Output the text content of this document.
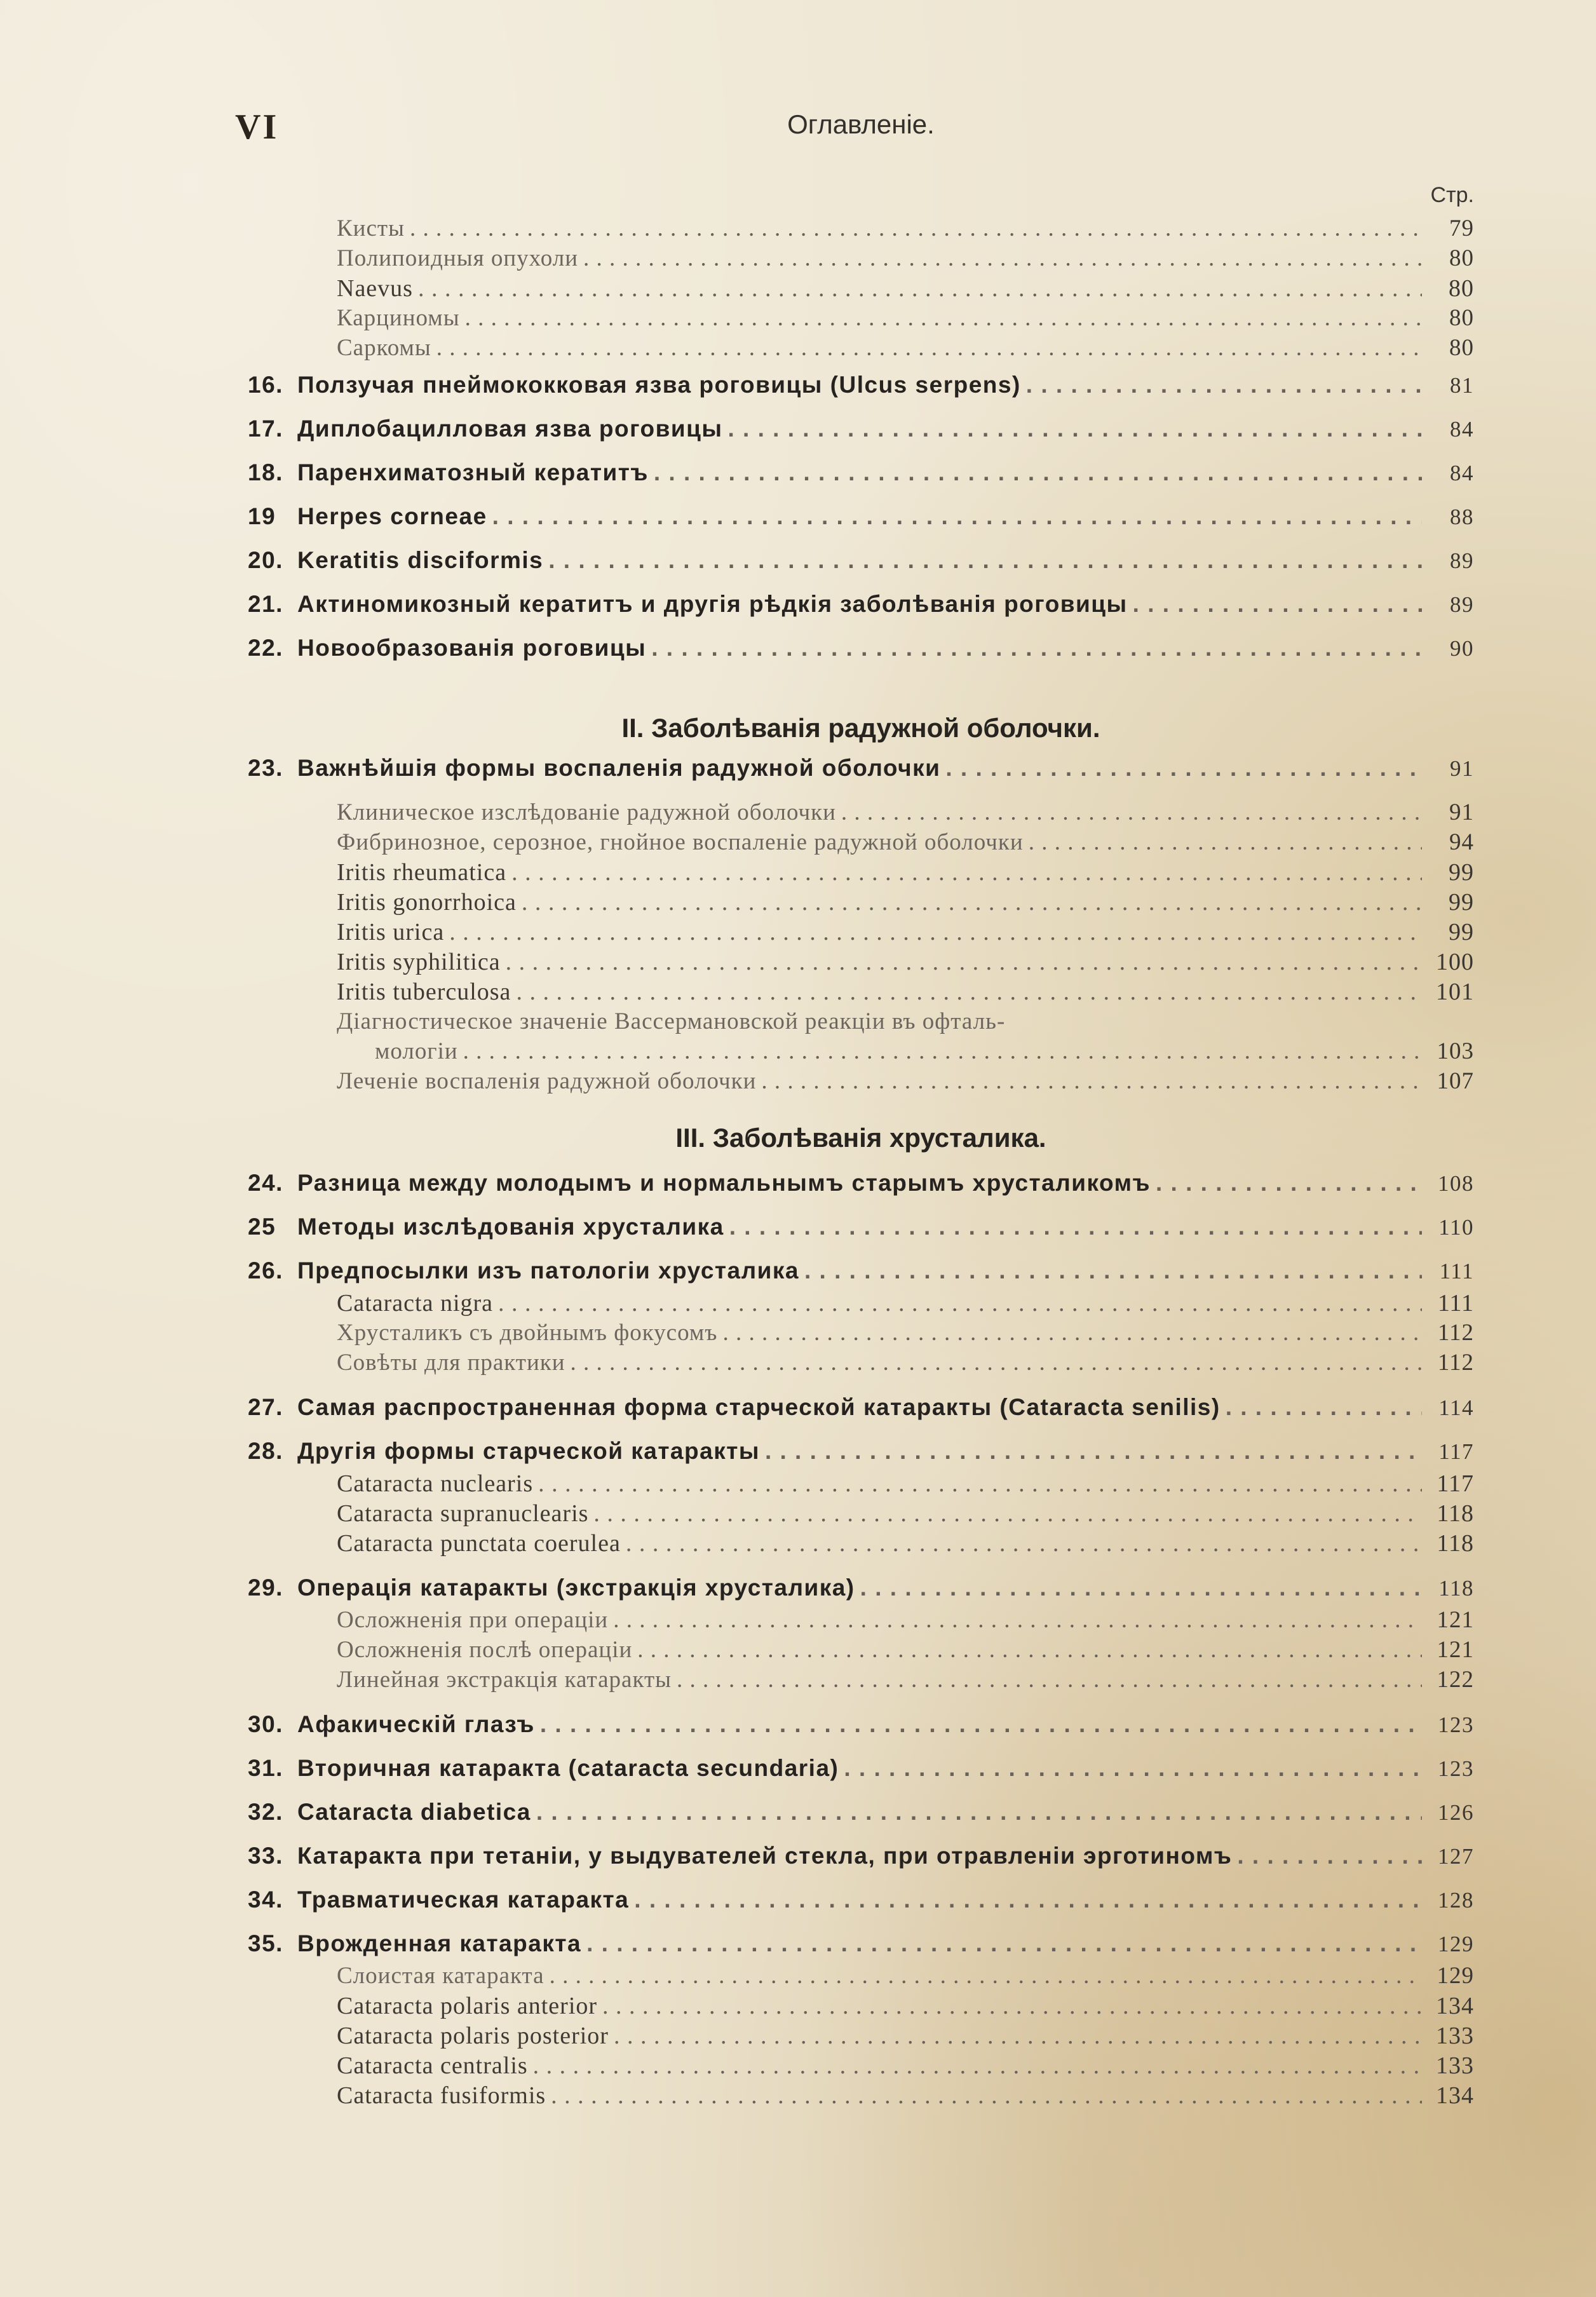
VI	Оглавленіе.
Стр.
Кисты . . .	79
Полипоидныя опухоли . . .	80
Naevus . . .	80
Карциномы . . .	80
Саркомы . . .	80
16. Ползучая пнеймококковая язва роговицы (Ulcus serpens) . . .	81
17. Диплобациллoвая язва роговицы . . .	84
18. Паренхиматозный кератитъ . . .	84
19 Herpes corneae . . .	88
20. Keratitis disciformis . . .	89
21. Актиномикозный кератитъ и другія рѣдкія заболѣванія роговицы . . .	89
22. Новообразованія роговицы . . .	90
II. Заболѣванія радужной оболочки.
23. Важнѣйшія формы воспаленія радужной оболочки . . .	91
Клиническое изслѣдованіе радужной оболочки . . .	91
Фибринозное, серозное, гнойное воспаленіе радужной оболочки . . .	94
Iritis rheumatica . . .	99
Iritis gonorrhoica . . .	99
Iritis urica . . .	99
Iritis syphilitica . . .	100
Iritis tuberculosa . . .	101
Діагностическое значеніе Вассермановской реакціи въ офталь-
мологіи . . .	103
Леченіе воспаленія радужной оболочки . . .	107
III. Заболѣванія хрусталика.
24. Разница между молодымъ и нормальнымъ старымъ хрусталикомъ . . .	108
25 Методы изслѣдованія хрусталика . . .	110
26. Предпосылки изъ патологіи хрусталика . . .	111
Cataracta nigra . . .	111
Хрусталикъ съ двойнымъ фокусомъ . . .	112
Совѣты для практики . . .	112
27. Самая распространенная форма старческой катаракты (Cataracta senilis) . . .	114
28. Другія формы старческой катаракты . . .	117
Cataracta nuclearis . . .	117
Cataracta supranuclearis . . .	118
Cataracta punctata coerulea . . .	118
29. Операція катаракты (экстракція хрусталика) . . .	118
Осложненія при операціи . . .	121
Осложненія послѣ операціи . . .	121
Линейная экстракція катаракты . . .	122
30. Афакическій глазъ . . .	123
31. Вторичная катаракта (cataracta secundaria) . . .	123
32. Cataracta diabetica . . .	126
33. Катаракта при тетаніи, у выдувателей стекла, при отравленіи эрготиномъ . . .	127
34. Травматическая катаракта . . .	128
35. Врожденная катаракта . . .	129
Слоистая катаракта . . .	129
Cataracta polaris anterior . . .	134
Cataracta polaris posterior . . .	133
Cataracta centralis . . .	133
Cataracta fusiformis . . .	134
